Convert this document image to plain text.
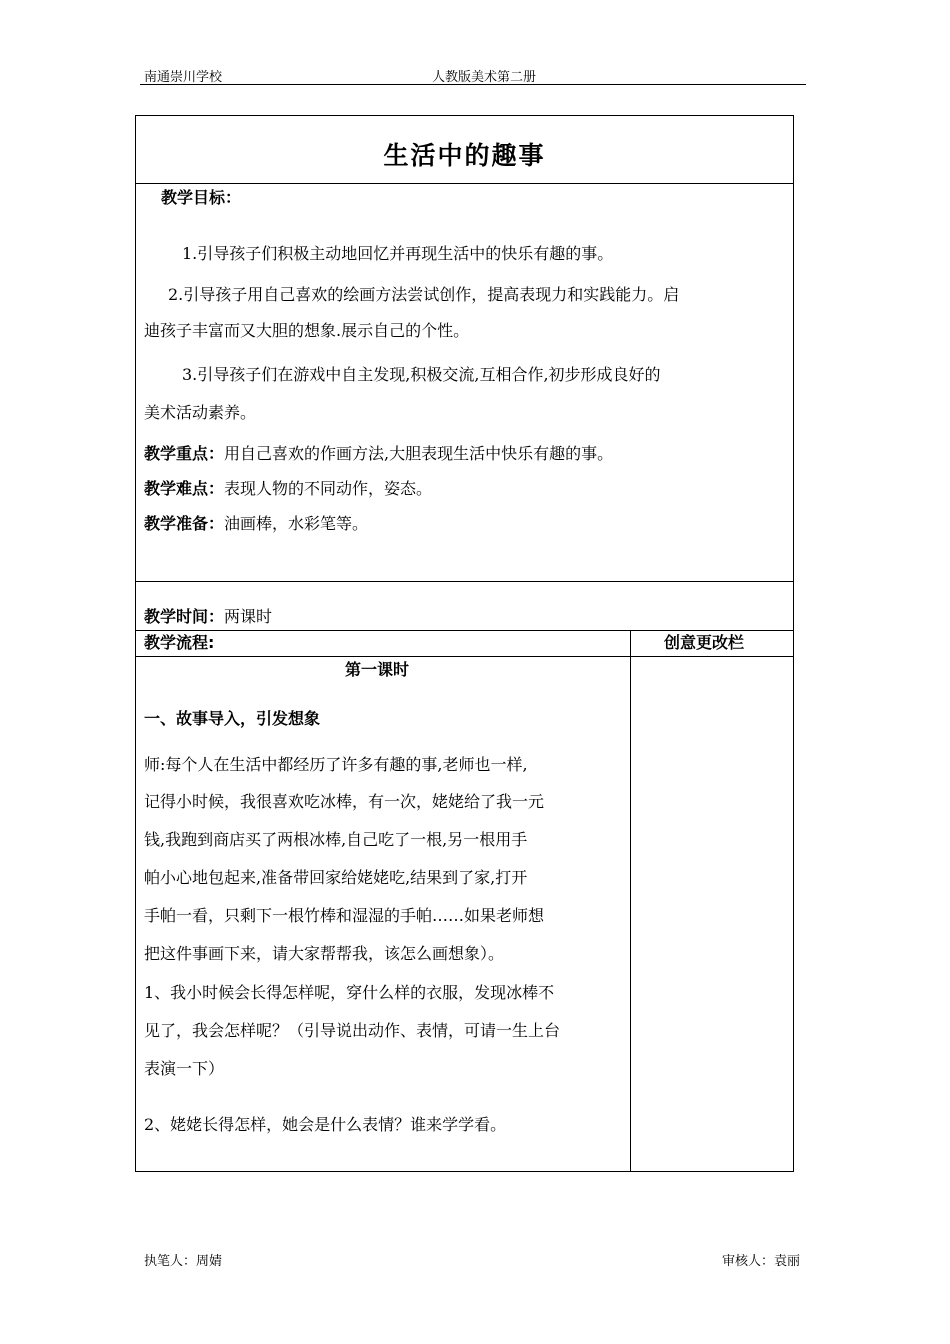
南通崇川学校	人教版美术第二册
生活中的趣事
教学目标：
1.引导孩子们积极主动地回忆并再现生活中的快乐有趣的事。
2.引导孩子用自己喜欢的绘画方法尝试创作，提高表现力和实践能力。启
迪孩子丰富而又大胆的想象.展示自己的个性。
3.引导孩子们在游戏中自主发现,积极交流,互相合作,初步形成良好的
美术活动素养。
教学重点：用自己喜欢的作画方法,大胆表现生活中快乐有趣的事。
教学难点：表现人物的不同动作，姿态。
教学准备：油画棒，水彩笔等。
教学时间：两课时
教学流程:	创意更改栏
第一课时
一、故事导入，引发想象
师:每个人在生活中都经历了许多有趣的事,老师也一样,
记得小时候，我很喜欢吃冰棒，有一次，姥姥给了我一元
钱,我跑到商店买了两根冰棒,自己吃了一根,另一根用手
帕小心地包起来,准备带回家给姥姥吃,结果到了家,打开
手帕一看，只剩下一根竹棒和湿湿的手帕……如果老师想
把这件事画下来，请大家帮帮我，该怎么画想象）。
1、我小时候会长得怎样呢，穿什么样的衣服，发现冰棒不
见了，我会怎样呢？（引导说出动作、表情，可请一生上台
表演一下）
2、姥姥长得怎样，她会是什么表情？谁来学学看。
执笔人：周婧	审核人：袁丽
